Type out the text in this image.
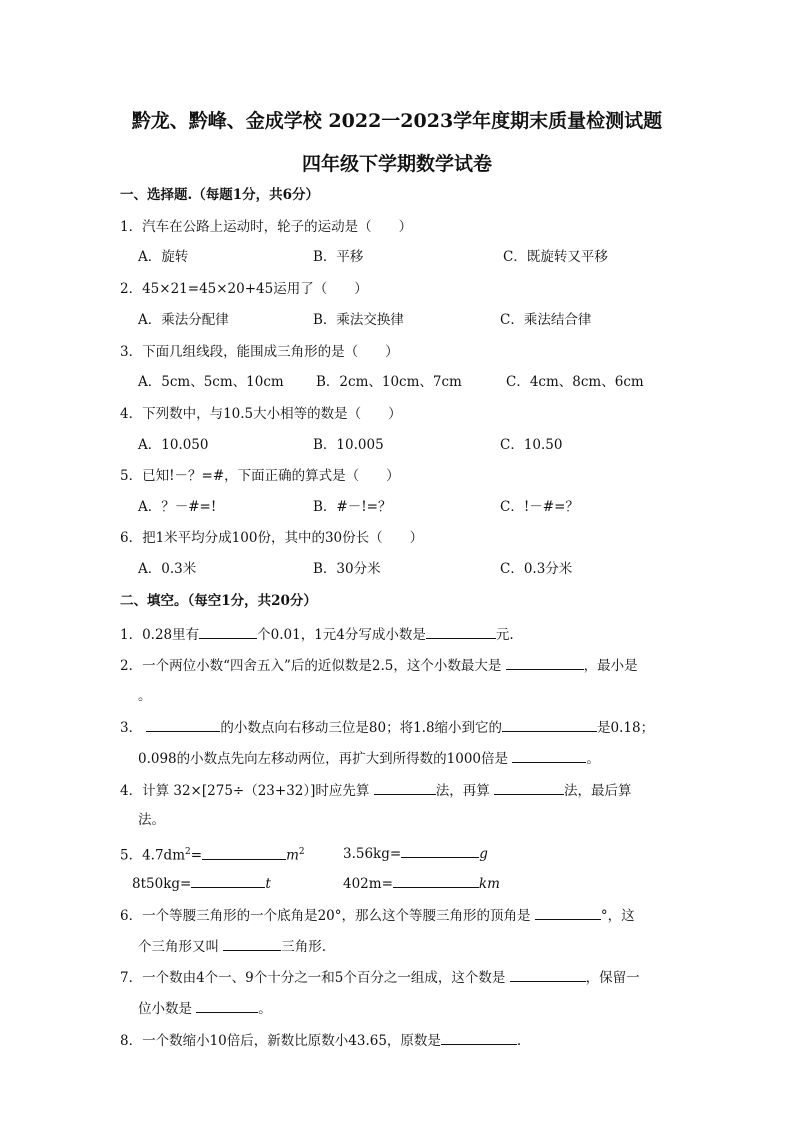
黔龙、黔峰、金成学校 2022一2023学年度期末质量检测试题
四年级下学期数学试卷
一、选择题.（每题1分，共6分）
1．汽车在公路上运动时，轮子的运动是（　　）
A．旋转	B．平移	C．既旋转又平移
2．45×21=45×20+45运用了（　　）
A．乘法分配律	B．乘法交换律	C．乘法结合律
3．下面几组线段，能围成三角形的是（　　）
A．5cm、5cm、10cm B．2cm、10cm、7cm	C．4cm、8cm、6cm
4．下列数中，与10.5大小相等的数是（　　）
A．10.050	B．10.005	C．10.50
5．已知!－？=#，下面正确的算式是（　　）
A．？－#=!	B．#－!=？	C．!－#=？
6．把1米平均分成100份，其中的30份长（　　）
A．0.3米	B．30分米	C．0.3分米
二、填空。（每空1分，共20分）
1．0.28里有	个0.01，1元4分写成小数是	元.
2．一个两位小数“四舍五入”后的近似数是2.5，这个小数最大是	，最小是
。
3．	的小数点向右移动三位是80；将1.8缩小到它的	是0.18；
0.098的小数点先向左移动两位，再扩大到所得数的1000倍是	。
4．计算 32×[275÷（23+32）]时应先算	法，再算	法，最后算
法。
5．$4.7dm^2=$	$m^2$	3.56kg=	g
8t50kg=	t	402m=	km
6．一个等腰三角形的一个底角是20°，那么这个等腰三角形的顶角是	°，这
个三角形又叫	三角形.
7．一个数由4个一、9个十分之一和5个百分之一组成，这个数是	，保留一
位小数是	。
8．一个数缩小10倍后，新数比原数小43.65，原数是	.
